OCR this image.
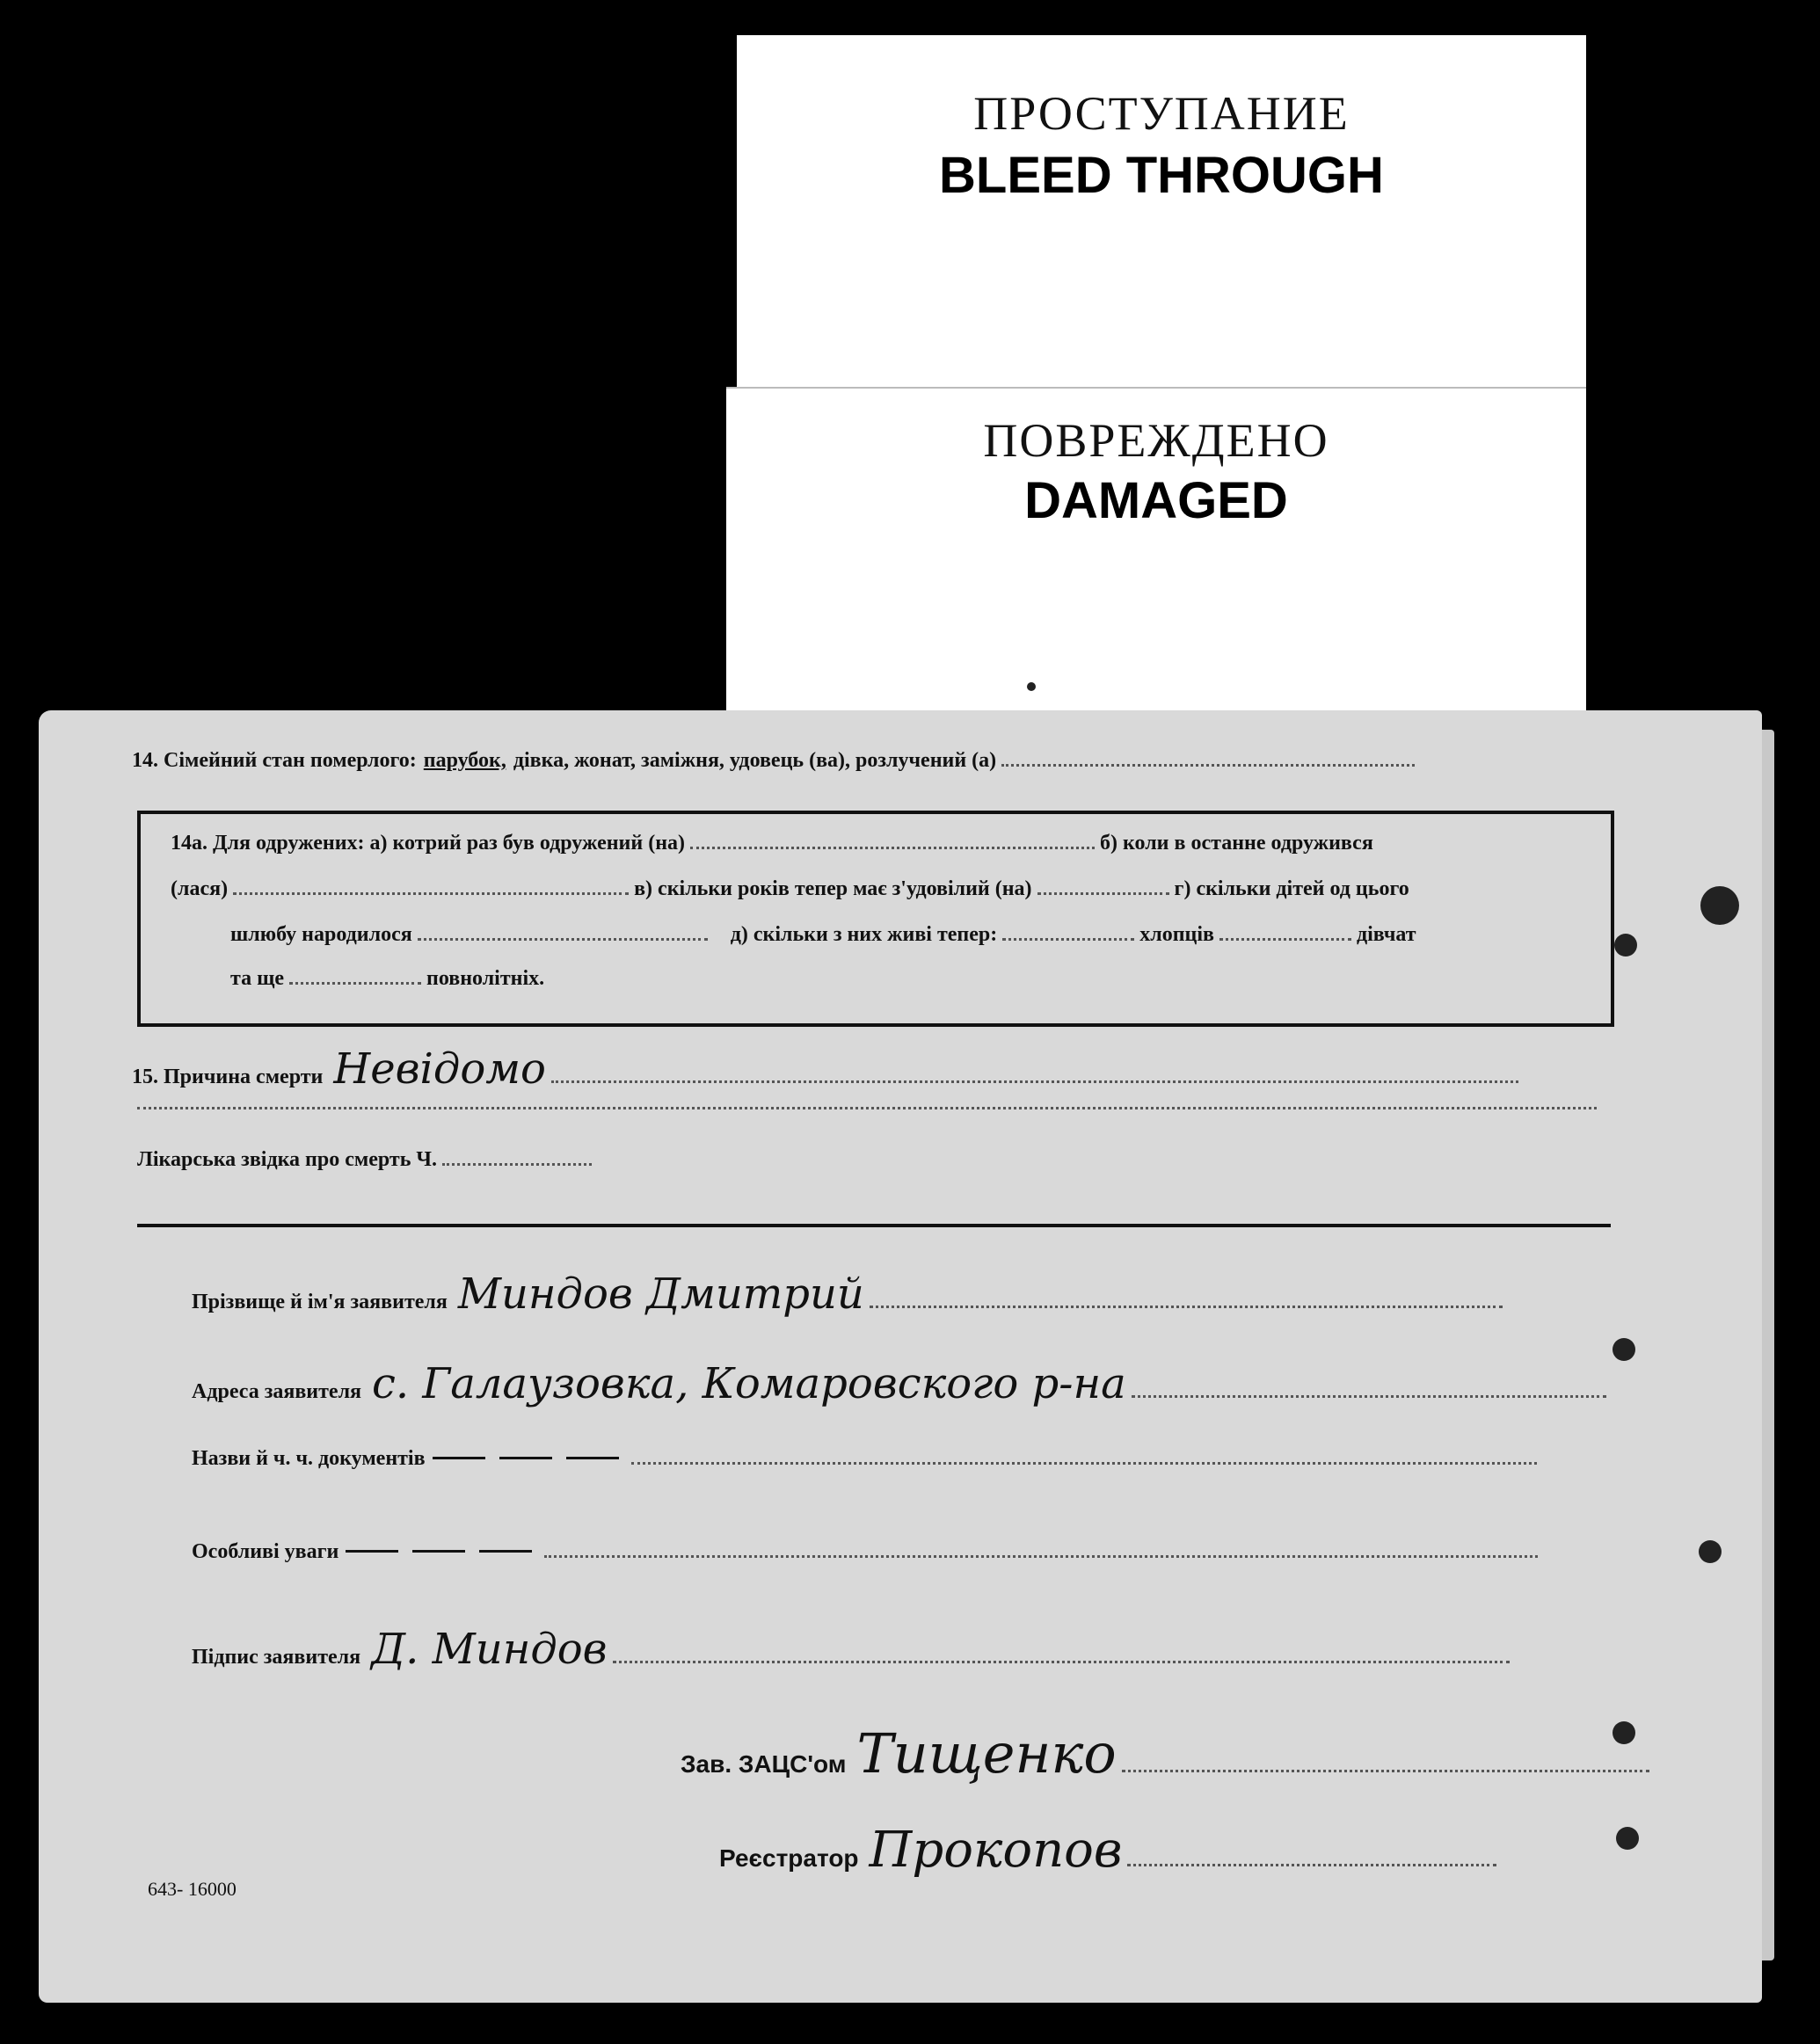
ПРОСТУПАНИЕ
BLEED THROUGH
ПОВРЕЖДЕНО
DAMAGED
14. Сімейний стан померлого: парубок, дівка, жонат, заміжня, удовець (ва), розлучений (а)
14а. Для одружених: а) котрий раз був одружений (на)	б) коли в останне одружився
(лася)	в) скільки років тепер має з'удовілий (на)	г) скільки дітей од цього
шлюбу народилося	д) скільки з них живі тепер:	хлопців	дівчат
та ще	повнолітніх.
15. Причина смерти Невідомо
Лікарська звідка про смерть Ч.
Прізвище й ім'я заявителя Миндов Дмитрий
Адреса заявителя с. Галаузовка, Комаровского р-на
Назви й ч. ч. документів
Особливі уваги
Підпис заявителя Д. Миндов
Зав. ЗАЦС'ом Тищенко
Реєстратор Прокопов
643- 16000
